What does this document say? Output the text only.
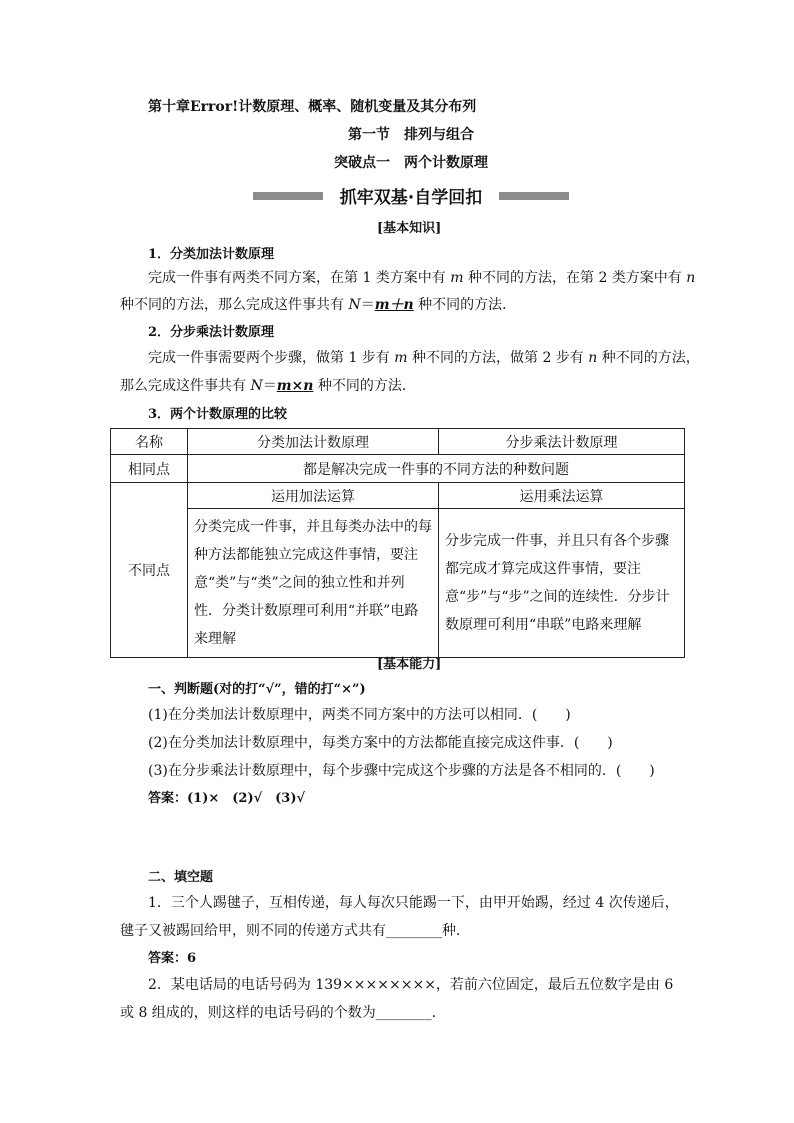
第十章Error!计数原理、概率、随机变量及其分布列
第一节　排列与组合
突破点一　两个计数原理
抓牢双基·自学回扣
[基本知识]
1．分类加法计数原理
完成一件事有两类不同方案，在第 1 类方案中有 m 种不同的方法，在第 2 类方案中有 n
种不同的方法，那么完成这件事共有 N＝m＋n 种不同的方法．
2．分步乘法计数原理
完成一件事需要两个步骤，做第 1 步有 m 种不同的方法，做第 2 步有 n 种不同的方法，
那么完成这件事共有 N＝m×n 种不同的方法．
3．两个计数原理的比较
名称	分类加法计数原理	分步乘法计数原理
相同点	都是解决完成一件事的不同方法的种数问题	
不同点	运用加法运算	运用乘法运算

	分类完成一件事，并且每类办法中的每种方法都能独立完成这件事情，要注意“类”与“类”之间的独立性和并列性．分类计数原理可利用“并联”电路来理解	分步完成一件事，并且只有各个步骤都完成才算完成这件事情，要注意“步”与“步”之间的连续性．分步计数原理可利用“串联”电路来理解
[基本能力]
一、判断题(对的打“√”，错的打“×”)
(1)在分类加法计数原理中，两类不同方案中的方法可以相同．(　　)
(2)在分类加法计数原理中，每类方案中的方法都能直接完成这件事．(　　)
(3)在分步乘法计数原理中，每个步骤中完成这个步骤的方法是各不相同的．(　　)
答案：(1)×　(2)√　(3)√
二、填空题
1．三个人踢毽子，互相传递，每人每次只能踢一下，由甲开始踢，经过 4 次传递后，
毽子又被踢回给甲，则不同的传递方式共有________种．
答案：6
2．某电话局的电话号码为 139××××××××，若前六位固定，最后五位数字是由 6
或 8 组成的，则这样的电话号码的个数为________．
